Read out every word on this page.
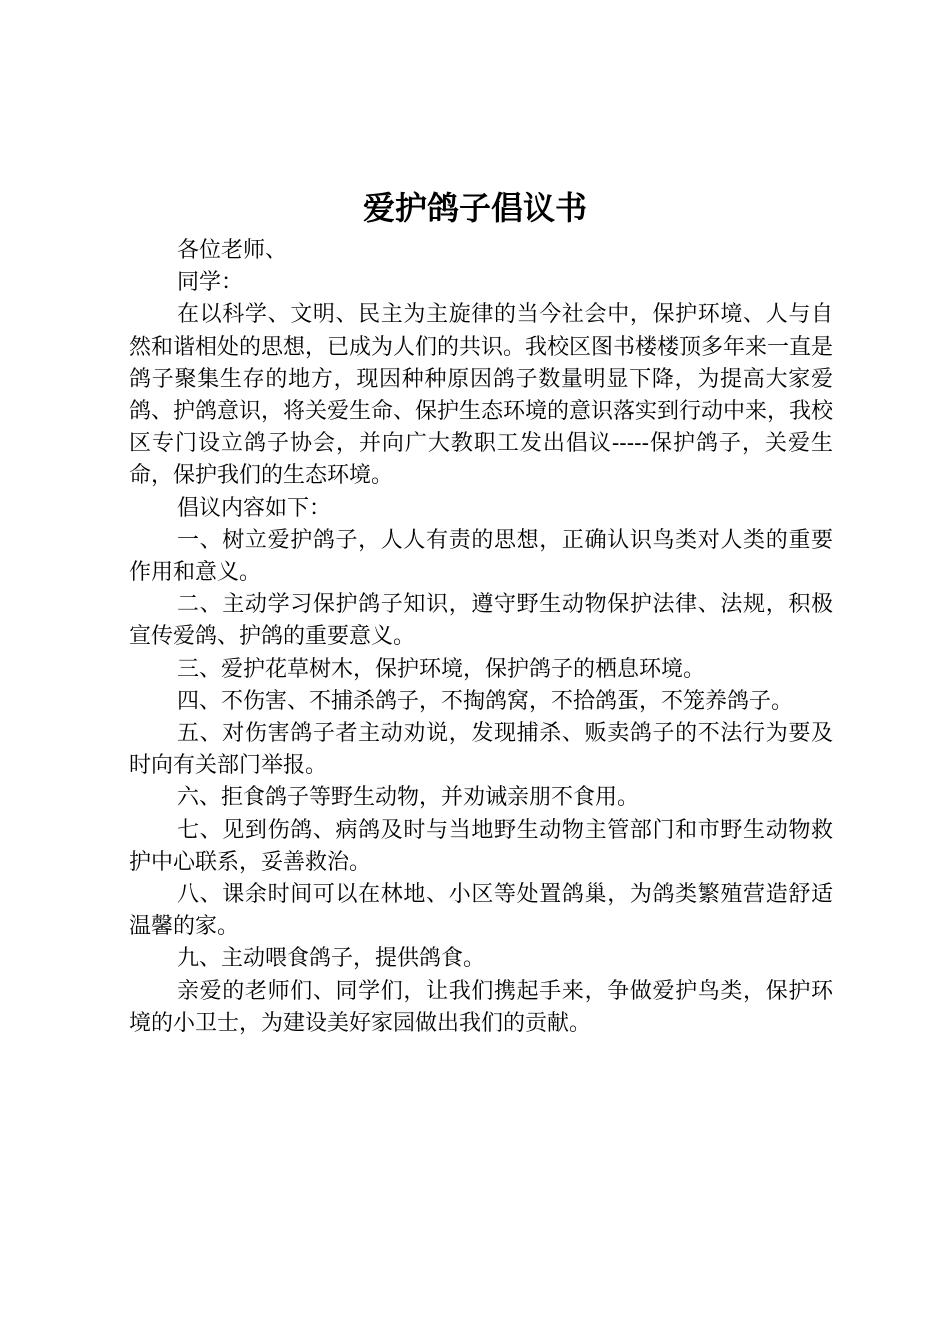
爱护鸽子倡议书

各位老师、

同学：

在以科学、文明、民主为主旋律的当今社会中，保护环境、人与自然和谐相处的思想，已成为人们的共识。我校区图书楼楼顶多年来一直是鸽子聚集生存的地方，现因种种原因鸽子数量明显下降，为提高大家爱鸽、护鸽意识，将关爱生命、保护生态环境的意识落实到行动中来，我校区专门设立鸽子协会，并向广大教职工发出倡议-----保护鸽子，关爱生命，保护我们的生态环境。

倡议内容如下：

一、树立爱护鸽子，人人有责的思想，正确认识鸟类对人类的重要作用和意义。

二、主动学习保护鸽子知识，遵守野生动物保护法律、法规，积极宣传爱鸽、护鸽的重要意义。

三、爱护花草树木，保护环境，保护鸽子的栖息环境。

四、不伤害、不捕杀鸽子，不掏鸽窝，不拾鸽蛋，不笼养鸽子。

五、对伤害鸽子者主动劝说，发现捕杀、贩卖鸽子的不法行为要及时向有关部门举报。

六、拒食鸽子等野生动物，并劝诫亲朋不食用。

七、见到伤鸽、病鸽及时与当地野生动物主管部门和市野生动物救护中心联系，妥善救治。

八、课余时间可以在林地、小区等处置鸽巢，为鸽类繁殖营造舒适温馨的家。

九、主动喂食鸽子，提供鸽食。

亲爱的老师们、同学们，让我们携起手来，争做爱护鸟类，保护环境的小卫士，为建设美好家园做出我们的贡献。
